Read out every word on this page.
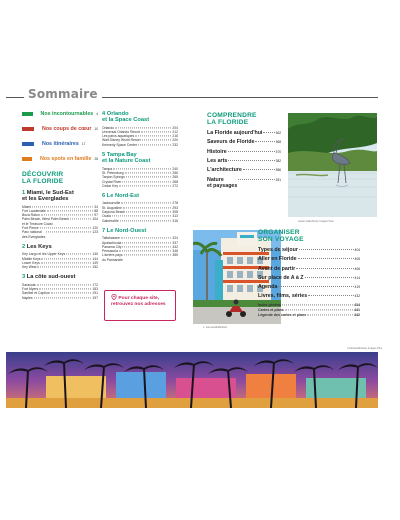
Sommaire
Nos incontournables 4
Nos coups de cœur 10
Nos itinéraires 17
Nos spots en famille 28
DÉCOUVRIR
LA FLORIDE
1 Miami, le Sud-Est
et les Everglades
Miami	34
Fort Lauderdale	88
Boca Raton	97
Palm Beach, West Palm Beach
et le Treasure Coast
104
Fort Pierce	120
Parc national
des Everglades
123
2 Les Keys
Key Largo et les Upper Keys	140
Middle Keys	144
Lower Keys	149
Key West	152
3 La côte sud-ouest
Sarasota	172
Fort Myers	183
Sanibel et Captiva	191
Naples	197
4 Orlando
et la Space Coast
Orlando	204
Universal Orlando Resort	212
Les parcs aquatiques	216
Walt Disney World Resort	220
Kennedy Space Center	232
5 Tampa Bay
et la Nature Coast
Tampa	240
St. Petersburg	256
Tarpon Springs	265
Crystal River	268
Cedar Key	272
6 Le Nord-Est
Jacksonville	278
St. Augustine	293
Daytona Beach	308
Ocala	313
Gainesville	316
7 Le Nord-Ouest
Tallahassee	324
Apalachicola	337
Panama City	342
Pensacola	346
L'arrière-pays
du Panhandle
355
Pour chaque site, retrouvez nos adresses
COMPRENDRE
LA FLORIDE
La Floride aujourd'hui	362
Saveurs de Floride	368
Histoire	370
Les arts	382
L'architecture	386
Nature
et paysages
391
Jason Gallo/Getty Images Plus
L. Jannarelli/Michelin
ORGANISER
SON VOYAGE
Types de séjour	404
Aller en Floride	405
Avant de partir	406
Sur place de A à Z	414
Agenda	419
Livres, films, séries	432
Index général	434
Cartes et plans	441
Légende des cartes et plans	442
Cristinacelli/Getty Images Plus
